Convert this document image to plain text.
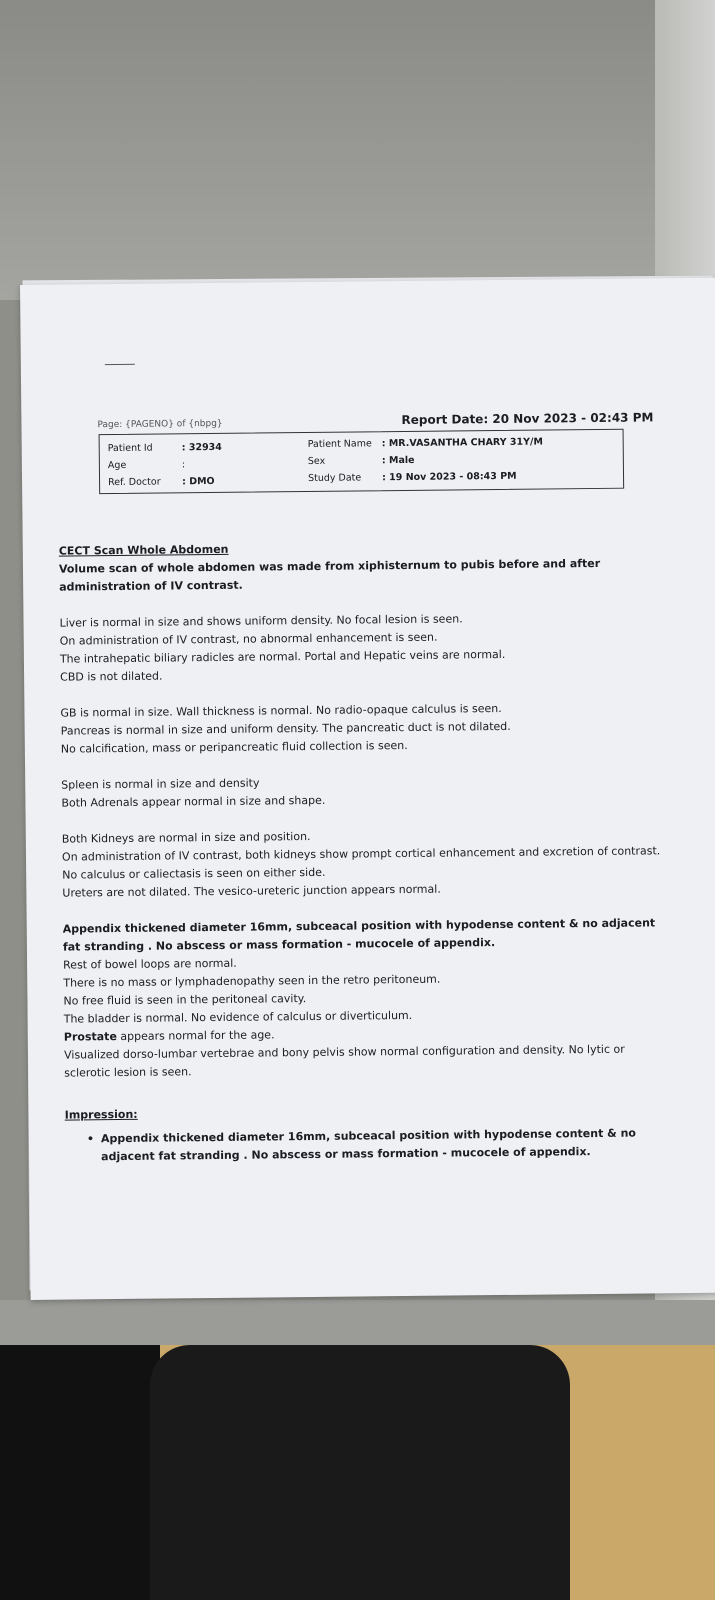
Page: {PAGENO} of {nbpg}	Report Date: 20 Nov 2023 - 02:43 PM
Patient Id	: 32934
Age	:
Ref. Doctor : DMO
Patient Name : MR.VASANTHA CHARY 31Y/M
Sex	: Male
Study Date : 19 Nov 2023 - 08:43 PM

CECT Scan Whole Abdomen
Volume scan of whole abdomen was made from xiphisternum to pubis before and after administration of IV contrast.

Liver is normal in size and shows uniform density. No focal lesion is seen.
On administration of IV contrast, no abnormal enhancement is seen.
The intrahepatic biliary radicles are normal. Portal and Hepatic veins are normal.
CBD is not dilated.

GB is normal in size. Wall thickness is normal. No radio-opaque calculus is seen.
Pancreas is normal in size and uniform density. The pancreatic duct is not dilated.
No calcification, mass or peripancreatic fluid collection is seen.

Spleen is normal in size and density
Both Adrenals appear normal in size and shape.

Both Kidneys are normal in size and position.
On administration of IV contrast, both kidneys show prompt cortical enhancement and excretion of contrast. No calculus or caliectasis is seen on either side.
Ureters are not dilated. The vesico-ureteric junction appears normal.

Appendix thickened diameter 16mm, subceacal position with hypodense content & no adjacent fat stranding . No abscess or mass formation - mucocele of appendix.
Rest of bowel loops are normal.
There is no mass or lymphadenopathy seen in the retro peritoneum.
No free fluid is seen in the peritoneal cavity.
The bladder is normal. No evidence of calculus or diverticulum.
Prostate appears normal for the age.
Visualized dorso-lumbar vertebrae and bony pelvis show normal configuration and density. No lytic or sclerotic lesion is seen.

Impression:
• Appendix thickened diameter 16mm, subceacal position with hypodense content & no adjacent fat stranding . No abscess or mass formation - mucocele of appendix.
